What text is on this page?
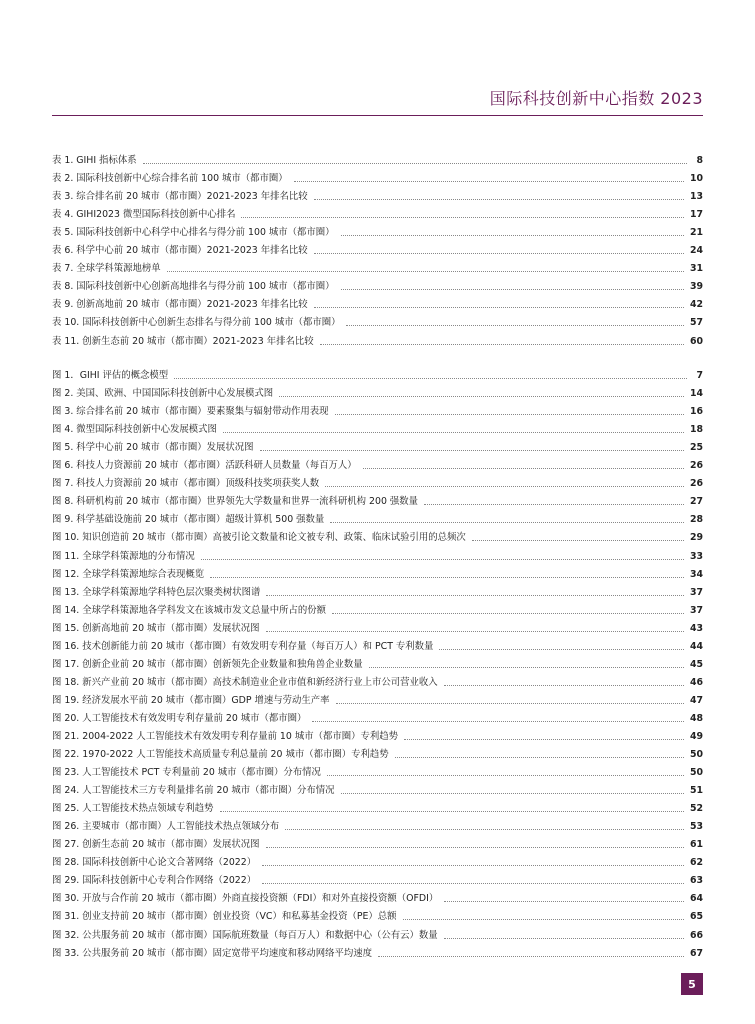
国际科技创新中心指数 2023
表 1. GIHI 指标体系	8
表 2. 国际科技创新中心综合排名前 100 城市（都市圈）	10
表 3. 综合排名前 20 城市（都市圈）2021-2023 年排名比较	13
表 4. GIHI2023 微型国际科技创新中心排名	17
表 5. 国际科技创新中心科学中心排名与得分前 100 城市（都市圈）	21
表 6. 科学中心前 20 城市（都市圈）2021-2023 年排名比较	24
表 7. 全球学科策源地榜单	31
表 8. 国际科技创新中心创新高地排名与得分前 100 城市（都市圈）	39
表 9. 创新高地前 20 城市（都市圈）2021-2023 年排名比较	42
表 10. 国际科技创新中心创新生态排名与得分前 100 城市（都市圈）	57
表 11. 创新生态前 20 城市（都市圈）2021-2023 年排名比较	60
图 1．GIHI 评估的概念模型	7
图 2. 美国、欧洲、中国国际科技创新中心发展模式图	14
图 3. 综合排名前 20 城市（都市圈）要素聚集与辐射带动作用表现	16
图 4. 微型国际科技创新中心发展模式图	18
图 5. 科学中心前 20 城市（都市圈）发展状况图	25
图 6. 科技人力资源前 20 城市（都市圈）活跃科研人员数量（每百万人）	26
图 7. 科技人力资源前 20 城市（都市圈）顶级科技奖项获奖人数	26
图 8. 科研机构前 20 城市（都市圈）世界领先大学数量和世界一流科研机构 200 强数量	27
图 9. 科学基础设施前 20 城市（都市圈）超级计算机 500 强数量	28
图 10. 知识创造前 20 城市（都市圈）高被引论文数量和论文被专利、政策、临床试验引用的总频次	29
图 11. 全球学科策源地的分布情况	33
图 12. 全球学科策源地综合表现概览	34
图 13. 全球学科策源地学科特色层次聚类树状图谱	37
图 14. 全球学科策源地各学科发文在该城市发文总量中所占的份额	37
图 15. 创新高地前 20 城市（都市圈）发展状况图	43
图 16. 技术创新能力前 20 城市（都市圈）有效发明专利存量（每百万人）和 PCT 专利数量	44
图 17. 创新企业前 20 城市（都市圈）创新领先企业数量和独角兽企业数量	45
图 18. 新兴产业前 20 城市（都市圈）高技术制造业企业市值和新经济行业上市公司营业收入	46
图 19. 经济发展水平前 20 城市（都市圈）GDP 增速与劳动生产率	47
图 20. 人工智能技术有效发明专利存量前 20 城市（都市圈）	48
图 21. 2004-2022 人工智能技术有效发明专利存量前 10 城市（都市圈）专利趋势	49
图 22. 1970-2022 人工智能技术高质量专利总量前 20 城市（都市圈）专利趋势	50
图 23. 人工智能技术 PCT 专利量前 20 城市（都市圈）分布情况	50
图 24. 人工智能技术三方专利量排名前 20 城市（都市圈）分布情况	51
图 25. 人工智能技术热点领域专利趋势	52
图 26. 主要城市（都市圈）人工智能技术热点领域分布	53
图 27. 创新生态前 20 城市（都市圈）发展状况图	61
图 28. 国际科技创新中心论文合著网络（2022）	62
图 29. 国际科技创新中心专利合作网络（2022）	63
图 30. 开放与合作前 20 城市（都市圈）外商直接投资额（FDI）和对外直接投资额（OFDI）	64
图 31. 创业支持前 20 城市（都市圈）创业投资（VC）和私募基金投资（PE）总额	65
图 32. 公共服务前 20 城市（都市圈）国际航班数量（每百万人）和数据中心（公有云）数量	66
图 33. 公共服务前 20 城市（都市圈）固定宽带平均速度和移动网络平均速度	67
5
